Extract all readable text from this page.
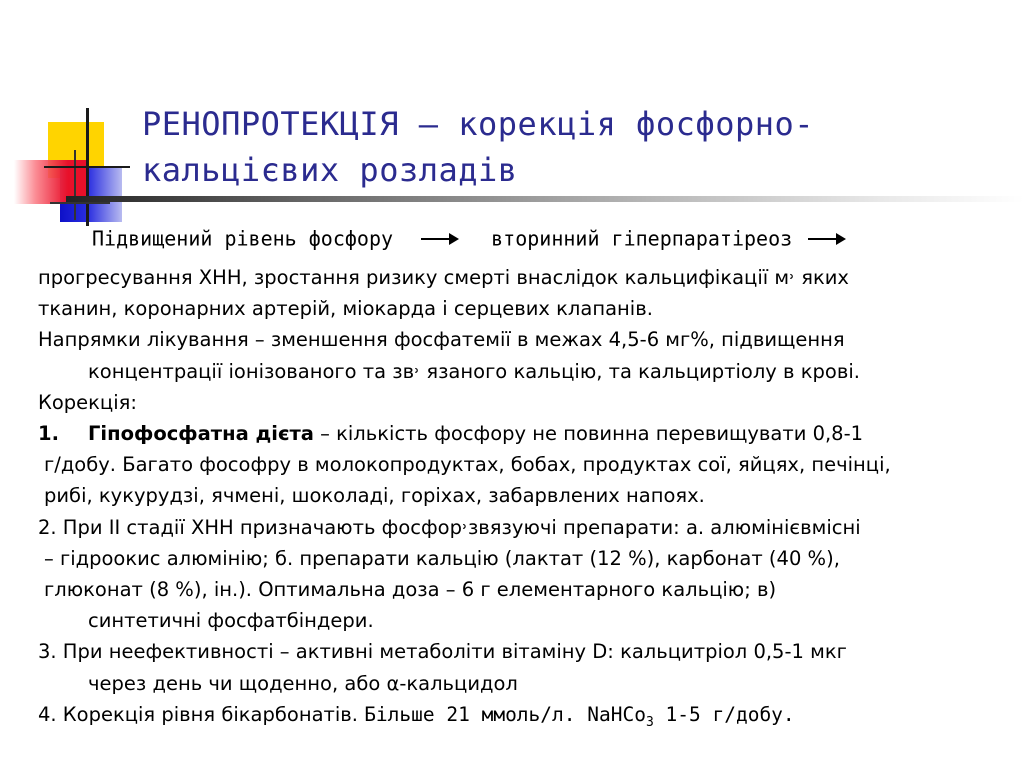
РЕНОПРОТЕКЦІЯ – корекція фосфорно-
кальцієвих розладів
Підвищений рівень фосфору	вторинний гіперпаратіреоз

прогресування ХНН, зростання ризику смерті внаслідок кальцифікації м˒ яких
тканин, коронарних артерій, міокарда і серцевих клапанів.

Напрямки лікування – зменшення фосфатемії в межах 4,5-6 мг%, підвищення
концентрації іонізованого та зв˒ язаного кальцію, та кальциртіолу в крові.

Корекція:

1. Гіпофосфатна дієта – кількість фосфору не повинна перевищувати 0,8-1
г/добу. Багато фософру в молокопродуктах, бобах, продуктах сої, яйцях, печінці,
рибі, кукурудзі, ячмені, шоколаді, горіхах, забарвлених напоях.

2. При ІІ стадії ХНН призначають фосфор˒звязуючі препарати: а. алюмінієвмісні
– гідроокис алюмінію; б. препарати кальцію (лактат (12 %), карбонат (40 %),
глюконат (8 %), ін.). Оптимальна доза – 6 г елементарного кальцію; в)
синтетичні фосфатбіндери.

3. При неефективності – активні метаболіти вітаміну D: кальцитріол 0,5-1 мкг
через день чи щоденно, або α-кальцидол

4. Корекція рівня бікарбонатів. Більше 21 ммоль/л. NaHCo$_3$ 1-5 г/добу.
